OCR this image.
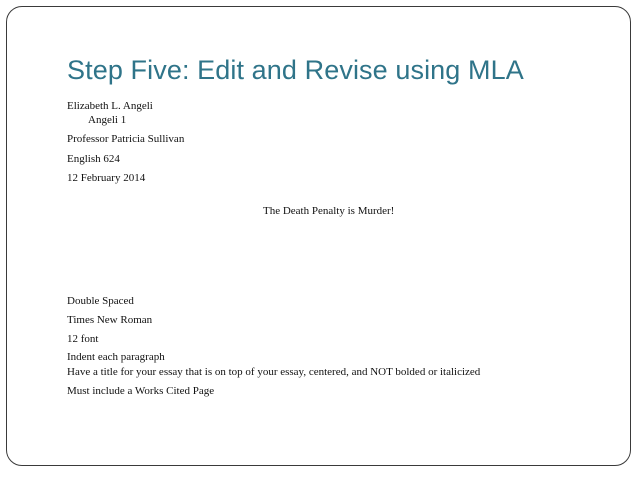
Step Five: Edit and Revise using MLA
Elizabeth L. Angeli
Angeli 1
Professor Patricia Sullivan
English 624
12 February 2014
The Death Penalty is Murder!
Double Spaced
Times New Roman
12 font
Indent each paragraph
Have a title for your essay that is on top of your essay, centered, and NOT bolded or italicized
Must include a Works Cited Page
